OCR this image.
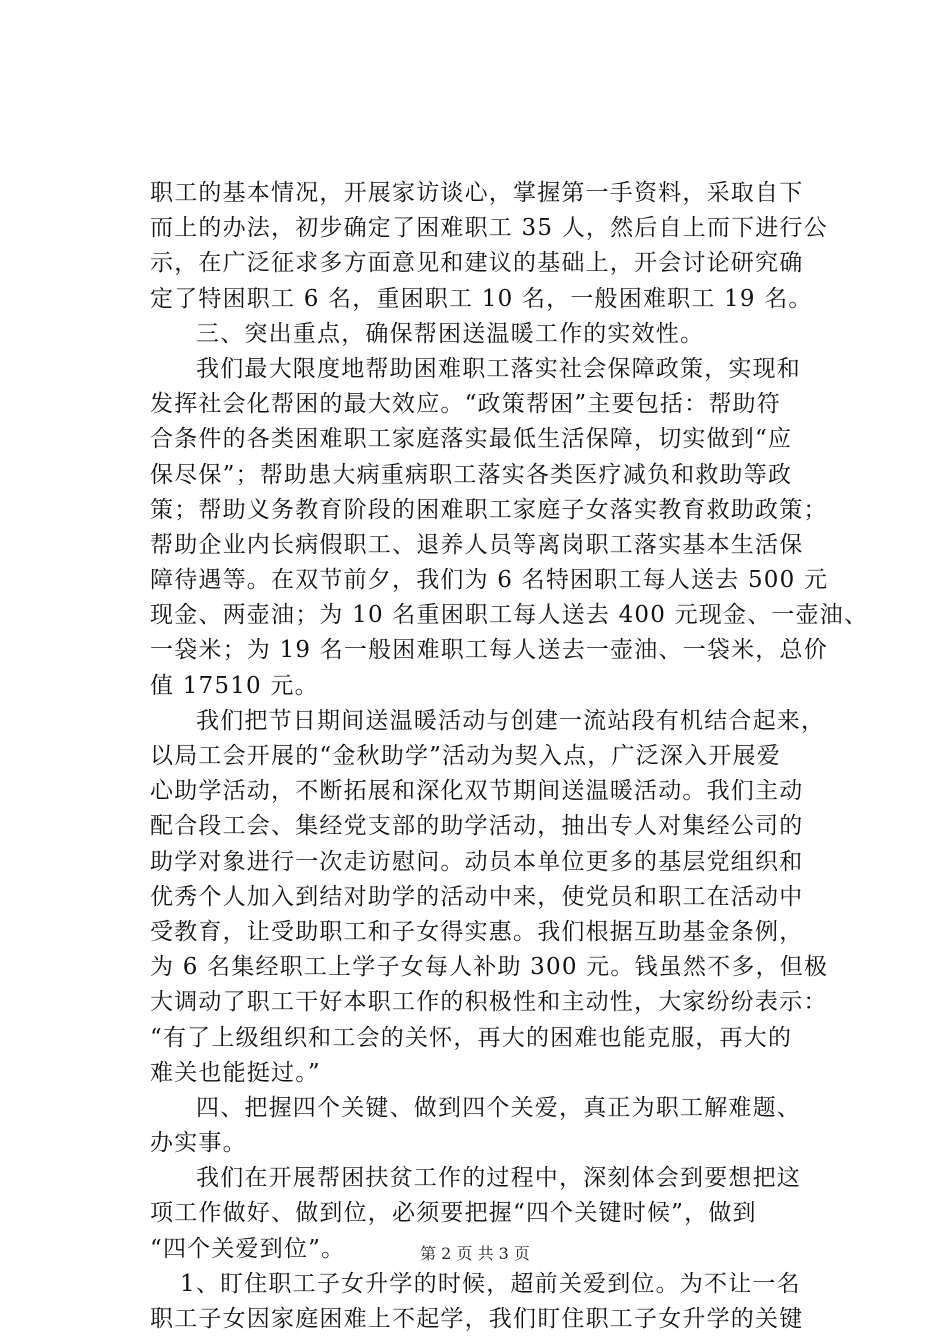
职工的基本情况，开展家访谈心，掌握第一手资料，采取自下
而上的办法，初步确定了困难职工 35 人，然后自上而下进行公
示，在广泛征求多方面意见和建议的基础上，开会讨论研究确
定了特困职工 6 名，重困职工 10 名，一般困难职工 19 名。
三、突出重点，确保帮困送温暖工作的实效性。
我们最大限度地帮助困难职工落实社会保障政策，实现和
发挥社会化帮困的最大效应。“政策帮困”主要包括：帮助符
合条件的各类困难职工家庭落实最低生活保障，切实做到“应
保尽保”；帮助患大病重病职工落实各类医疗减负和救助等政
策；帮助义务教育阶段的困难职工家庭子女落实教育救助政策；
帮助企业内长病假职工、退养人员等离岗职工落实基本生活保
障待遇等。在双节前夕，我们为 6 名特困职工每人送去 500 元
现金、两壶油；为 10 名重困职工每人送去 400 元现金、一壶油、
一袋米；为 19 名一般困难职工每人送去一壶油、一袋米，总价
值 17510 元。
我们把节日期间送温暖活动与创建一流站段有机结合起来，
以局工会开展的“金秋助学”活动为契入点，广泛深入开展爱
心助学活动，不断拓展和深化双节期间送温暖活动。我们主动
配合段工会、集经党支部的助学活动，抽出专人对集经公司的
助学对象进行一次走访慰问。动员本单位更多的基层党组织和
优秀个人加入到结对助学的活动中来，使党员和职工在活动中
受教育，让受助职工和子女得实惠。我们根据互助基金条例，
为 6 名集经职工上学子女每人补助 300 元。钱虽然不多，但极
大调动了职工干好本职工作的积极性和主动性，大家纷纷表示：
“有了上级组织和工会的关怀，再大的困难也能克服，再大的
难关也能挺过。”
四、把握四个关键、做到四个关爱，真正为职工解难题、
办实事。
我们在开展帮困扶贫工作的过程中，深刻体会到要想把这
项工作做好、做到位，必须要把握“四个关键时候”，做到
“四个关爱到位”。
1、盯住职工子女升学的时候，超前关爱到位。为不让一名
职工子女因家庭困难上不起学，我们盯住职工子女升学的关键
第 2 页 共 3 页
